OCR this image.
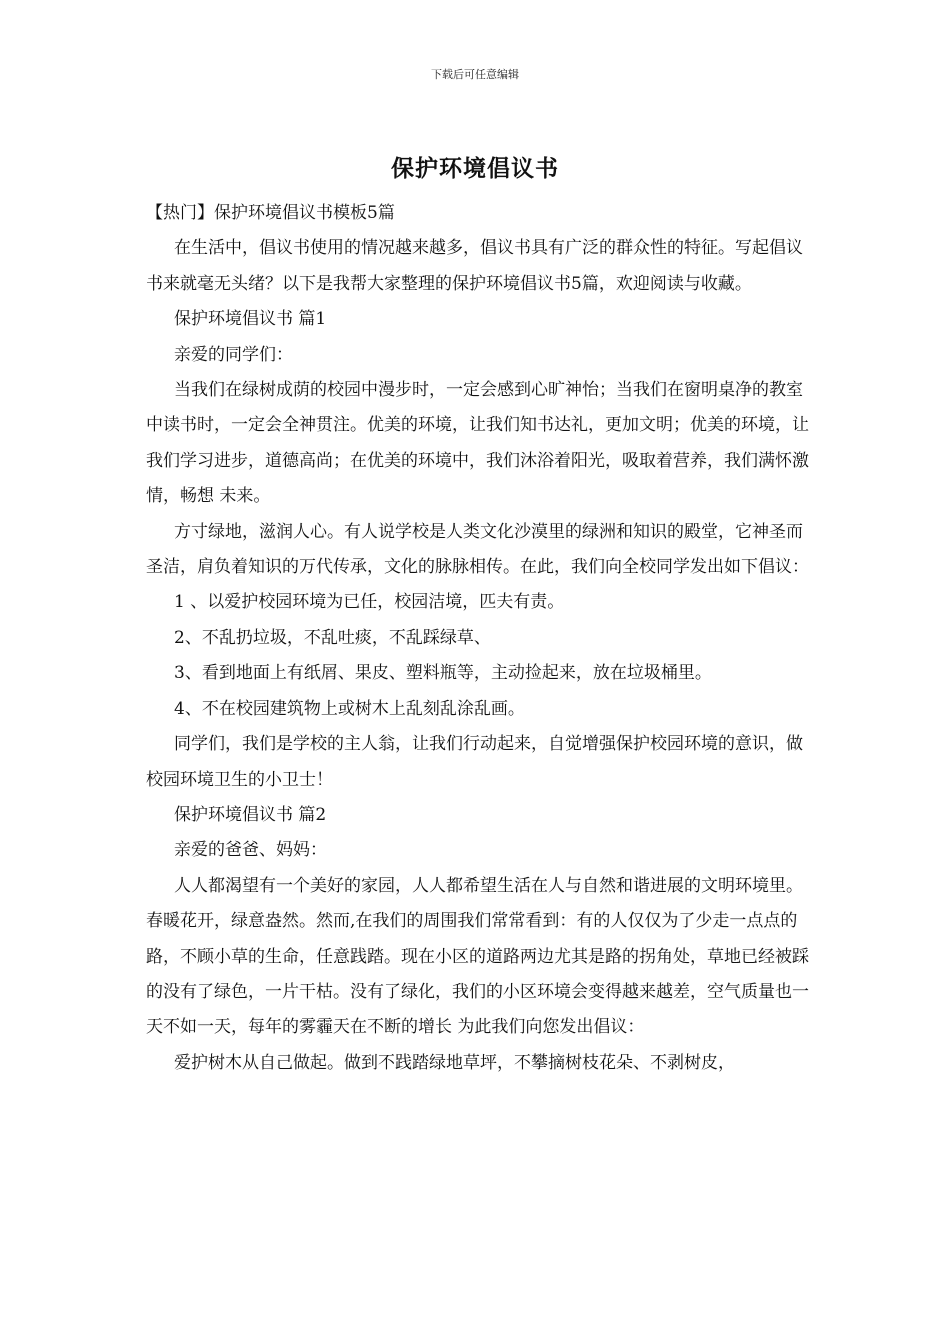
下载后可任意编辑
保护环境倡议书

【热门】保护环境倡议书模板5篇

在生活中，倡议书使用的情况越来越多，倡议书具有广泛的群众性的特征。写起倡议书来就毫无头绪？以下是我帮大家整理的保护环境倡议书5篇，欢迎阅读与收藏。

保护环境倡议书 篇1

亲爱的同学们：

当我们在绿树成荫的校园中漫步时，一定会感到心旷神怡；当我们在窗明桌净的教室中读书时，一定会全神贯注。优美的环境，让我们知书达礼，更加文明；优美的环境，让我们学习进步，道德高尚；在优美的环境中，我们沐浴着阳光，吸取着营养，我们满怀激情，畅想 未来。

方寸绿地，滋润人心。有人说学校是人类文化沙漠里的绿洲和知识的殿堂，它神圣而圣洁，肩负着知识的万代传承，文化的脉脉相传。在此，我们向全校同学发出如下倡议：

1 、以爱护校园环境为已任，校园洁境，匹夫有责。

2、不乱扔垃圾，不乱吐痰，不乱踩绿草、

3、看到地面上有纸屑、果皮、塑料瓶等，主动捡起来，放在垃圾桶里。

4、不在校园建筑物上或树木上乱刻乱涂乱画。

同学们，我们是学校的主人翁，让我们行动起来，自觉增强保护校园环境的意识，做校园环境卫生的小卫士！

保护环境倡议书 篇2

亲爱的爸爸、妈妈：

人人都渴望有一个美好的家园，人人都希望生活在人与自然和谐进展的文明环境里。春暖花开，绿意盎然。然而,在我们的周围我们常常看到：有的人仅仅为了少走一点点的路，不顾小草的生命，任意践踏。现在小区的道路两边尤其是路的拐角处，草地已经被踩的没有了绿色，一片干枯。没有了绿化，我们的小区环境会变得越来越差，空气质量也一天不如一天，每年的雾霾天在不断的增长 为此我们向您发出倡议：

爱护树木从自己做起。做到不践踏绿地草坪，不攀摘树枝花朵、不剥树皮，
